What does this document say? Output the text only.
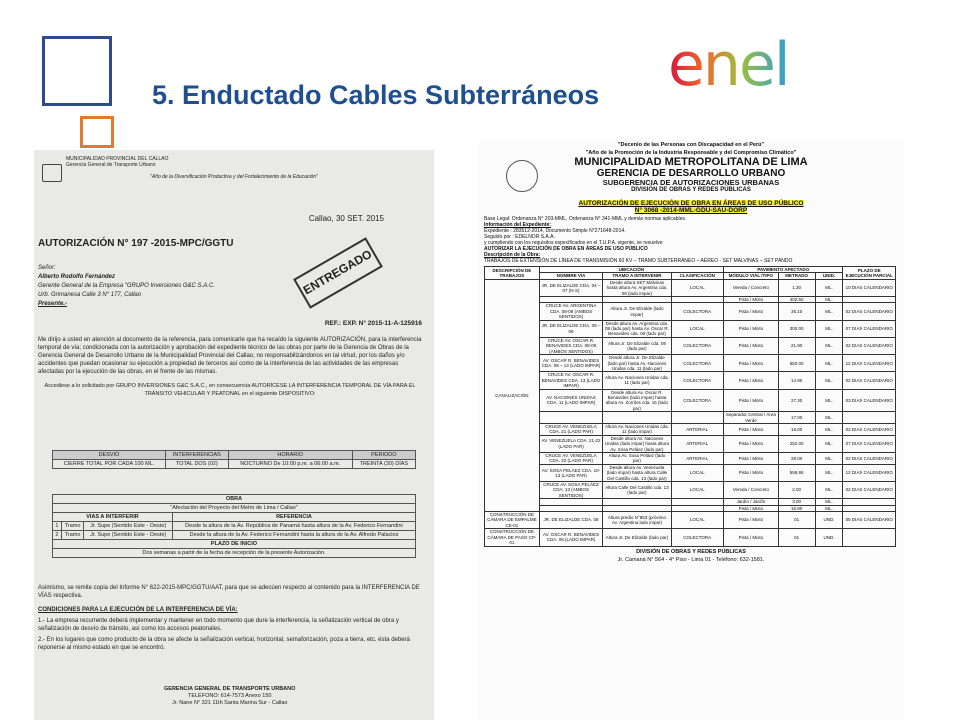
5. Enductado Cables Subterráneos enel
MUNICIPALIDAD PROVINCIAL DEL CALLAO
Gerencia General de Transporte Urbano
"Año de la Diversificación Productiva y del Fortalecimiento de la Educación"
Callao, 30 SET. 2015
AUTORIZACIÓN N° 197 -2015-MPC/GGTU
ENTREGADO
Señor:
Alberto Rodolfo Fernández
Gerente General de la Empresa "GRUPO Inversiones G&C S.A.C.
Urb. Grimanesa Calle 3 N° 177, Callao
Presente.-
REF.: EXP. N° 2015-11-A-125916
Me dirijo a usted en atención al documento de la referencia, para comunicarle que ha recaído la siguiente AUTORIZACIÓN, para la interferencia temporal de vía; condicionada con la autorización y aprobación del expediente técnico de las obras por parte de la Gerencia de Obras de la Gerencia General de Desarrollo Urbano de la Municipalidad Provincial del Callao, no responsabilizándonos en tal virtud, por los daños y/o accidentes que puedan ocasionar su ejecución a propiedad de terceros así como de la interferencia de las actividades de las empresas afectadas por la ejecución de las obras, en el frente de las mismas.
Accediese a lo solicitado por GRUPO INVERSIONES G&C S.A.C., en consecuencia AUTORÍCESE LA INTERFERENCIA TEMPORAL DE VÍA PARA EL TRÁNSITO VEHICULAR Y PEATONAL en el siguiente DISPOSITIVO:
DESVIO	INTERFERENCIAS	HORARIO	PERIODO
CIERRE TOTAL POR CADA 100 ML.	TOTAL DOS (02)	NOCTURNO De 10:00 p.m. a 06:00 a.m.	TREINTA (30) DÍAS
OBRA			
"Afectación del Proyecto del Metro de Lima / Callao"			
VIAS A INTERFERIR			REFERENCIA
1	Tramo	Jr. Supe (Sentido Este - Oeste)	Desde la altura de la Av. República de Panamá hasta altura de la Av. Federico Fernandini
2	Tramo	Jr. Supe (Sentido Este - Oeste)	Desde la altura de la Av. Federico Fernandini hasta la altura de la Av. Alfredo Palacios
PLAZO DE INICIO			
Dos semanas a partir de la fecha de recepción de la presente Autorización.			
Asimismo, se remite copia del Informe N° 622-2015-MPC/GGTU/AAT, para que se adecúen respecto al contenido para la INTERFERENCIA DE VÍAS respectiva.
CONDICIONES PARA LA EJECUCIÓN DE LA INTERFERENCIA DE VÍA:
1.- La empresa recurrente deberá implementar y mantener en todo momento que dure la interferencia, la señalización vertical de obra y señalización de desvío de tránsito, así como los accesos peatonales.
2.- En los lugares que como producto de la obra se afecte la señalización vertical, horizontal, semaforización, poza a tierra, etc. ésta deberá reponerse al mismo estado en que se encontró.
GERENCIA GENERAL DE TRANSPORTE URBANO
TELÉFONO: 614-7573 Anexo 150
Jr. Nane N° 321 11th Santa Marina Sur - Callao
"Decenio de las Personas con Discapacidad en el Perú"
"Año de la Promoción de la Industria Responsable y del Compromiso Climático"
MUNICIPALIDAD METROPOLITANA DE LIMA
GERENCIA DE DESARROLLO URBANO
SUBGERENCIA DE AUTORIZACIONES URBANAS
DIVISIÓN DE OBRAS Y REDES PÚBLICAS
AUTORIZACIÓN DE EJECUCIÓN DE OBRA EN ÁREAS DE USO PÚBLICO
N° 3068 -2014-MML-GDU-SAU-DORP
Base Legal: Ordenanza N° 203-MML, Ordenanza N° 341-MML y demás normas aplicables.
Información del Expediente:
Expediente : 283512-2014, Documento Simple N°271648-2014.
Seguido por : EDELNOR S.A.A.
y cumpliendo con los requisitos especificados en el T.U.P.A. vigente, se resuelve:
AUTORIZAR LA EJECUCIÓN DE OBRA EN ÁREAS DE USO PÚBLICO
Descripción de la Obra:
TRABAJOS DE EXTENSIÓN DE LÍNEA DE TRANSMISIÓN 60 KV – TRAMO SUBTERRÁNEO – AÉREO - SET MALVINAS – SET PANDO
DESCRIPCIÓN DE TRABAJOS	UBICACIÓN			PAVIMENTO AFECTADO			PLAZO DE EJECUCIÓN PARCIAL
	NOMBRE VÍA	TRAMO A INTERVENIR	CLASIFICACIÓN	MÓDULO VIAL /TIPO	METRADO	UNID.	
CANALIZACIÓN	JR. DE ELIZALDE CDA. 04 – 07 (N-S)	Desde altura SET Malvinas hasta altura Av. Argentina cda. 08 (lado impar)	LOCAL	Vereda / Concreto	1.30	ML.	10 DIAS CALENDARIO
				Pista / Mixto	402.60	ML.	
	CRUCE AV. ARGENTINA CDA. 08-09 (AMBOS SENTIDOS)	Altura Jr. De Elizalde (lado impar)	COLECTORA	Pista / Mixto	35.10	ML.	02 DIAS CALENDARIO
	JR. DE ELIZALDE CDA. 08 – 09	Desde altura Av. Argentina cda. 08 (lado par) hasta Av. Oscar R. Benavides cda. 08 (lado par)	LOCAL	Pista / Mixto	300.00	ML.	07 DIAS CALENDARIO
	CRUCE AV. OSCAR R. BENAVIDES CDA. 08-09 (AMBOS SENTIDOS)	Altura Jr. De Elizalde cda. 09 (lado par)	COLECTORA	Pista / Mixto	21.90	ML.	02 DIAS CALENDARIO
	AV. OSCAR R. BENAVIDES CDA. 08 – 13 (LADO IMPAR)	Desde altura Jr. De Elizalde (lado par) hasta Av. Naciones Unidas cda. 11 (lado par)	COLECTORA	Pista / Mixto	650.00	ML.	12 DIAS CALENDARIO
	CRUCE AV. OSCAR R. BENAVIDES CDA. 13 (LADO IMPAR)	Altura Av. Naciones Unidas cda. 11 (lado par)	COLECTORA	Pista / Mixto	14.90	ML.	02 DIAS CALENDARIO
	AV. NACIONES UNIDAS CDA. 11 (LADO IMPAR)	Desde altura Av. Oscar R. Benavides (lado impar) hasta altura Av. Zorritos cda. 15 (lado par)	COLECTORA	Pista / Mixto	27.30	ML.	03 DIAS CALENDARIO
				Separador Central / Área Verde	17.00	ML.	
	CRUCE AV. VENEZUELA CDA. 21 (LADO PAR)	Altura Av. Naciones Unidas cda. 11 (lado impar)	ARTERIAL	Pista / Mixto	18.00	ML.	02 DIAS CALENDARIO
	AV. VENEZUELA CDA. 21-22 (LADO PAR)	Desde altura Av. Naciones Unidas (lado impar) hasta altura Av. Sosa Peláez (lado par)	ARTERIAL	Pista / Mixto	252.00	ML.	07 DIAS CALENDARIO
	CRUCE AV. VENEZUELA CDA. 22 (LADO PAR)	Altura Av. Sosa Peláez (lado par)	ARTERIAL	Pista / Mixto	28.00	ML.	02 DIAS CALENDARIO
	AV. SOSA PELÁEZ CDA. 10-13 (LADO PAR)	Desde altura Av. Venezuela (lado impar) hasta altura Calle Del Castillo cda. 13 (lado par)	LOCAL	Pista / Mixto	559.95	ML.	12 DIAS CALENDARIO
	CRUCE AV. SOSA PELÁEZ CDA. 13 (AMBOS SENTIDOS)	Altura Calle Del Castillo cda. 13 (lado par)	LOCAL	Vereda / Concreto	2.00	ML.	02 DIAS CALENDARIO
				Jardín / Jardín	3.00	ML.	
				Pista / Mixto	16.90	ML.	
CONSTRUCCIÓN DE CÁMARA DE EMPALME CE-01	JR. DE ELIZALDE CDA. 08	Altura predio N°853 (próximo Av. Argentina lado impar)	LOCAL	Pista / Mixto	01	UND.	05 DIAS CALENDARIO
CONSTRUCCIÓN DE CÁMARA DE PASO CP-01	AV. OSCAR R. BENAVIDES CDA. 08 (LADO IMPAR)	Altura Jr. De Elizalde (lado par)	COLECTORA	Pista / Mixto	01	UND.	
DIVISIÓN DE OBRAS Y REDES PÚBLICAS
Jr. Camaná N° 564 - 4° Piso - Lima 01 - Teléfono: 632-1581.
